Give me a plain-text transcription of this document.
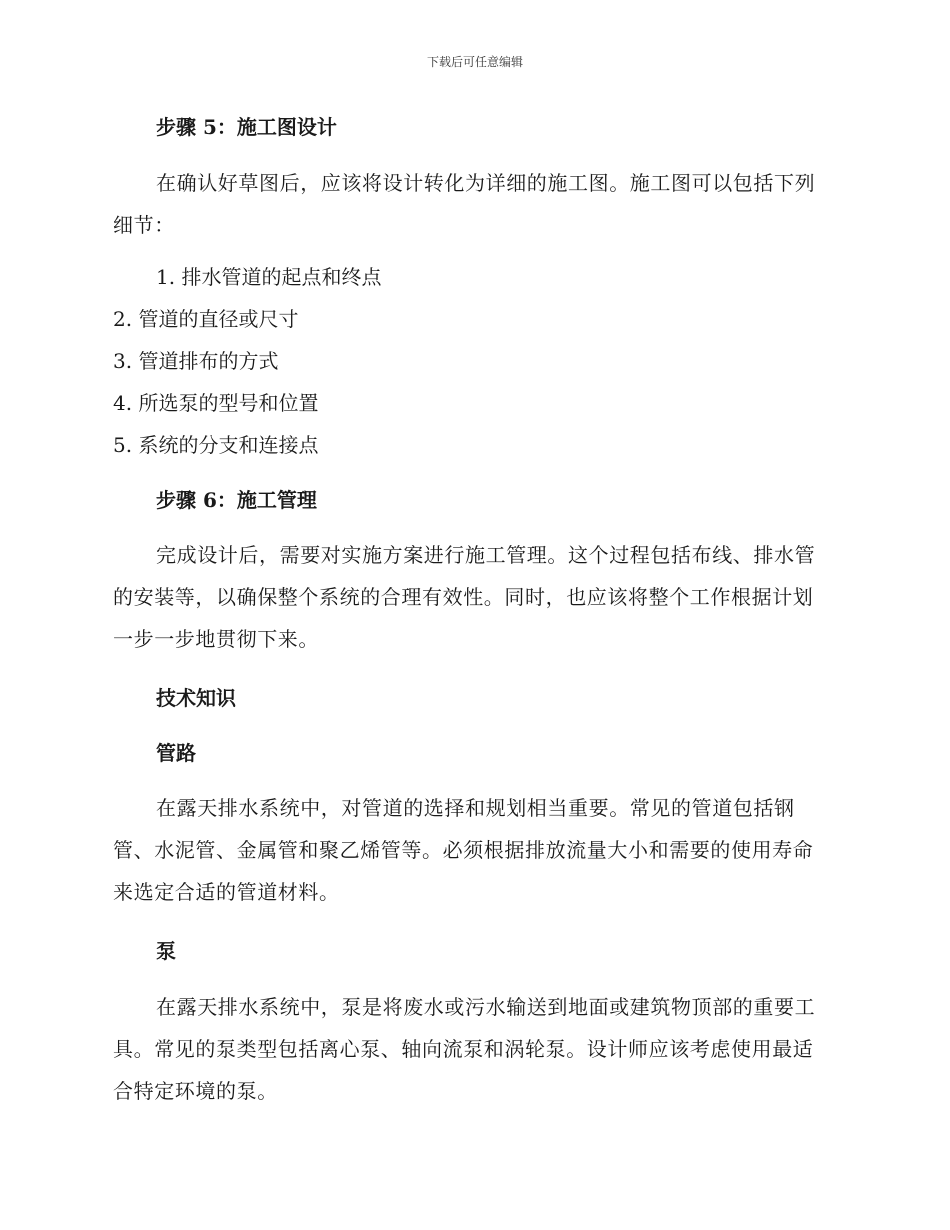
下载后可任意编辑
步骤 5：施工图设计

在确认好草图后，应该将设计转化为详细的施工图。施工图可以包括下列细节：

1. 排水管道的起点和终点

2. 管道的直径或尺寸

3. 管道排布的方式

4. 所选泵的型号和位置

5. 系统的分支和连接点

步骤 6：施工管理

完成设计后，需要对实施方案进行施工管理。这个过程包括布线、排水管的安装等，以确保整个系统的合理有效性。同时，也应该将整个工作根据计划一步一步地贯彻下来。

技术知识
管路

在露天排水系统中，对管道的选择和规划相当重要。常见的管道包括钢管、水泥管、金属管和聚乙烯管等。必须根据排放流量大小和需要的使用寿命来选定合适的管道材料。

泵

在露天排水系统中，泵是将废水或污水输送到地面或建筑物顶部的重要工具。常见的泵类型包括离心泵、轴向流泵和涡轮泵。设计师应该考虑使用最适合特定环境的泵。
